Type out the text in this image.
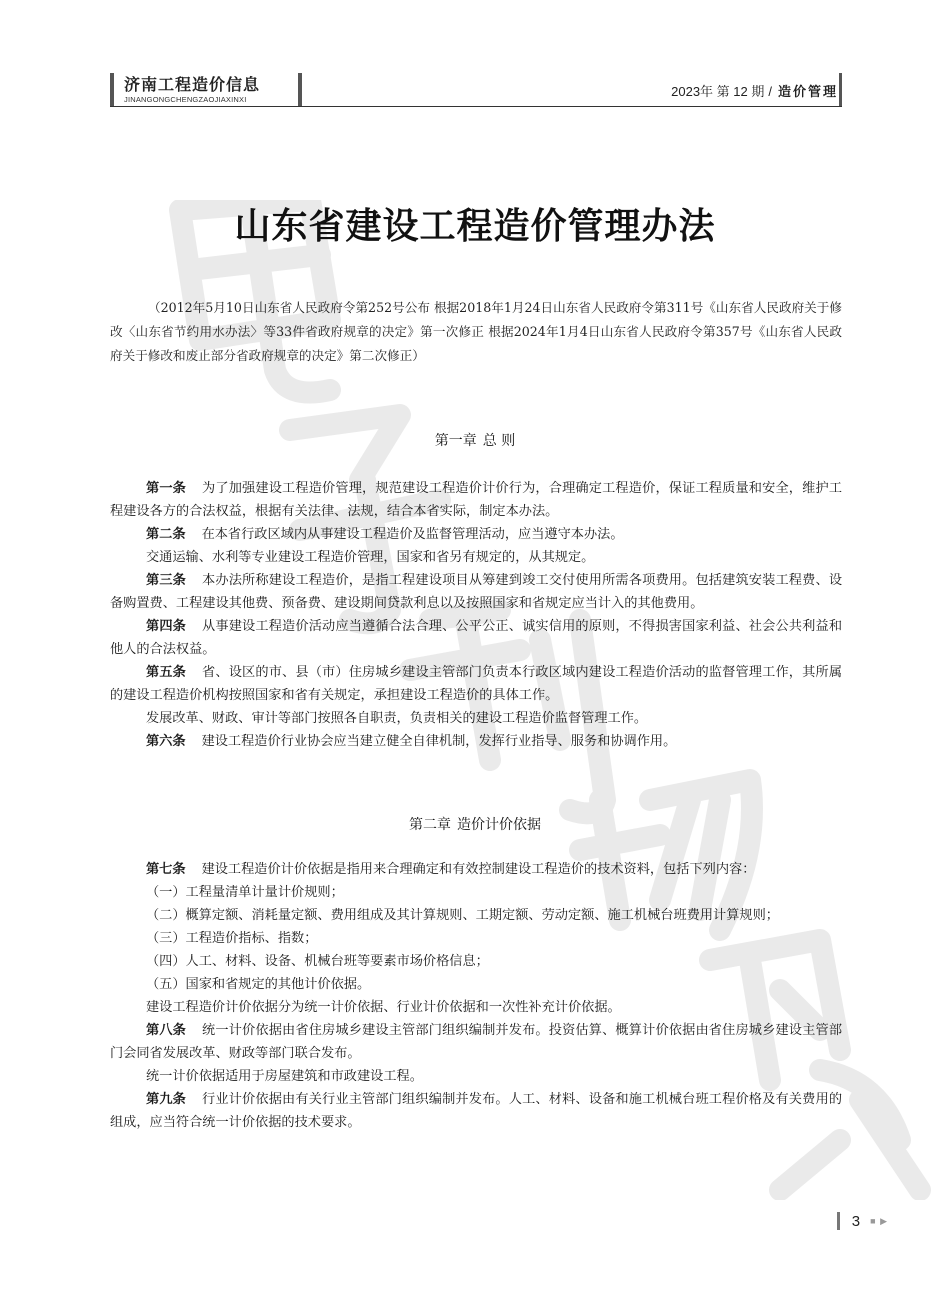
济南工程造价信息
JINANGONGCHENGZAOJIAXINXI
2023年 第 12 期 / 造价管理
山东省建设工程造价管理办法
（2012年5月10日山东省人民政府令第252号公布 根据2018年1月24日山东省人民政府令第311号《山东省人民政府关于修改〈山东省节约用水办法〉等33件省政府规章的决定》第一次修正 根据2024年1月4日山东省人民政府令第357号《山东省人民政府关于修改和废止部分省政府规章的决定》第二次修正）
第一章 总 则

第一条 为了加强建设工程造价管理，规范建设工程造价计价行为，合理确定工程造价，保证工程质量和安全，维护工程建设各方的合法权益，根据有关法律、法规，结合本省实际，制定本办法。

第二条 在本省行政区域内从事建设工程造价及监督管理活动，应当遵守本办法。

交通运输、水利等专业建设工程造价管理，国家和省另有规定的，从其规定。

第三条 本办法所称建设工程造价，是指工程建设项目从筹建到竣工交付使用所需各项费用。包括建筑安装工程费、设备购置费、工程建设其他费、预备费、建设期间贷款利息以及按照国家和省规定应当计入的其他费用。

第四条 从事建设工程造价活动应当遵循合法合理、公平公正、诚实信用的原则，不得损害国家利益、社会公共利益和他人的合法权益。

第五条 省、设区的市、县（市）住房城乡建设主管部门负责本行政区域内建设工程造价活动的监督管理工作，其所属的建设工程造价机构按照国家和省有关规定，承担建设工程造价的具体工作。

发展改革、财政、审计等部门按照各自职责，负责相关的建设工程造价监督管理工作。

第六条 建设工程造价行业协会应当建立健全自律机制，发挥行业指导、服务和协调作用。

第二章 造价计价依据

第七条 建设工程造价计价依据是指用来合理确定和有效控制建设工程造价的技术资料，包括下列内容：

（一）工程量清单计量计价规则；

（二）概算定额、消耗量定额、费用组成及其计算规则、工期定额、劳动定额、施工机械台班费用计算规则；

（三）工程造价指标、指数；

（四）人工、材料、设备、机械台班等要素市场价格信息；

（五）国家和省规定的其他计价依据。

建设工程造价计价依据分为统一计价依据、行业计价依据和一次性补充计价依据。

第八条 统一计价依据由省住房城乡建设主管部门组织编制并发布。投资估算、概算计价依据由省住房城乡建设主管部门会同省发展改革、财政等部门联合发布。

统一计价依据适用于房屋建筑和市政建设工程。

第九条 行业计价依据由有关行业主管部门组织编制并发布。人工、材料、设备和施工机械台班工程价格及有关费用的组成，应当符合统一计价依据的技术要求。

3 ■ ▶
